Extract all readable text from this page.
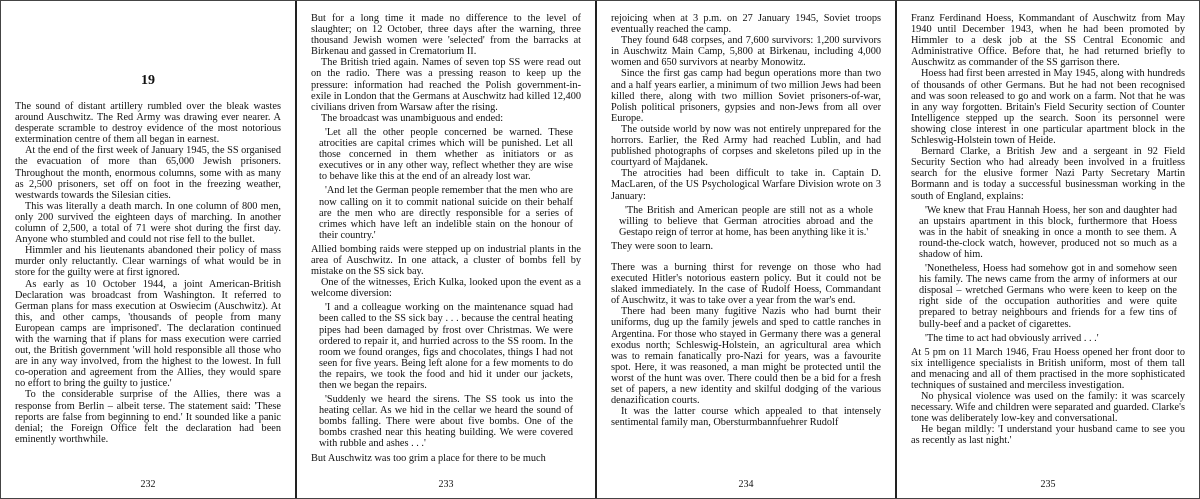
19

The sound of distant artillery rumbled over the bleak wastes around Auschwitz. The Red Army was drawing ever nearer. A desperate scramble to destroy evidence of the most notorious extermination centre of them all began in earnest.

At the end of the first week of January 1945, the SS organised the evacuation of more than 65,000 Jewish prisoners. Throughout the month, enormous columns, some with as many as 2,500 prisoners, set off on foot in the freezing weather, westwards towards the Silesian cities.

This was literally a death march. In one column of 800 men, only 200 survived the eighteen days of marching. In another column of 2,500, a total of 71 were shot during the first day. Anyone who stumbled and could not rise fell to the bullet.

Himmler and his lieutenants abandoned their policy of mass murder only reluctantly. Clear warnings of what would be in store for the guilty were at first ignored.

As early as 10 October 1944, a joint American-British Declaration was broadcast from Washington. It referred to German plans for mass execution at Oswiecim (Auschwitz). At this, and other camps, 'thousands of people from many European camps are imprisoned'. The declaration continued with the warning that if plans for mass execution were carried out, the British government 'will hold responsible all those who are in any way involved, from the highest to the lowest. In full co-operation and agreement from the Allies, they would spare no effort to bring the guilty to justice.'

To the considerable surprise of the Allies, there was a response from Berlin – albeit terse. The statement said: 'These reports are false from beginning to end.' It sounded like a panic denial; the Foreign Office felt the declaration had been eminently worthwhile.

232

But for a long time it made no difference to the level of slaughter; on 12 October, three days after the warning, three thousand Jewish women were 'selected' from the barracks at Birkenau and gassed in Crematorium II.

The British tried again. Names of seven top SS were read out on the radio. There was a pressing reason to keep up the pressure: information had reached the Polish government-in-exile in London that the Germans at Auschwitz had killed 12,400 civilians driven from Warsaw after the rising.

The broadcast was unambiguous and ended:

'Let all the other people concerned be warned. These atrocities are capital crimes which will be punished. Let all those concerned in them whether as initiators or as executives or in any other way, reflect whether they are wise to behave like this at the end of an already lost war.

'And let the German people remember that the men who are now calling on it to commit national suicide on their behalf are the men who are directly responsible for a series of crimes which have left an indelible stain on the honour of their country.'

Allied bombing raids were stepped up on industrial plants in the area of Auschwitz. In one attack, a cluster of bombs fell by mistake on the SS sick bay.

One of the witnesses, Erich Kulka, looked upon the event as a welcome diversion:

'I and a colleague working on the maintenance squad had been called to the SS sick bay . . . because the central heating pipes had been damaged by frost over Christmas. We were ordered to repair it, and hurried across to the SS room. In the room we found oranges, figs and chocolates, things I had not seen for five years. Being left alone for a few moments to do the repairs, we took the food and hid it under our jackets, then we began the repairs.

'Suddenly we heard the sirens. The SS took us into the heating cellar. As we hid in the cellar we heard the sound of bombs falling. There were about five bombs. One of the bombs crashed near this heating building. We were covered with rubble and ashes . . .'

But Auschwitz was too grim a place for there to be much

233

rejoicing when at 3 p.m. on 27 January 1945, Soviet troops eventually reached the camp.

They found 648 corpses, and 7,600 survivors: 1,200 survivors in Auschwitz Main Camp, 5,800 at Birkenau, including 4,000 women and 650 survivors at nearby Monowitz.

Since the first gas camp had begun operations more than two and a half years earlier, a minimum of two million Jews had been killed there, along with two million Soviet prisoners-of-war, Polish political prisoners, gypsies and non-Jews from all over Europe.

The outside world by now was not entirely unprepared for the horrors. Earlier, the Red Army had reached Lublin, and had published photographs of corpses and skeletons piled up in the courtyard of Majdanek.

The atrocities had been difficult to take in. Captain D. MacLaren, of the US Psychological Warfare Division wrote on 3 January:

'The British and American people are still not as a whole willing to believe that German atrocities abroad and the Gestapo reign of terror at home, has been anything like it is.'

They were soon to learn.

There was a burning thirst for revenge on those who had executed Hitler's notorious eastern policy. But it could not be slaked immediately. In the case of Rudolf Hoess, Commandant of Auschwitz, it was to take over a year from the war's end.

There had been many fugitive Nazis who had burnt their uniforms, dug up the family jewels and sped to cattle ranches in Argentina. For those who stayed in Germany there was a general exodus north; Schleswig-Holstein, an agricultural area which was to remain fanatically pro-Nazi for years, was a favourite spot. Here, it was reasoned, a man might be protected until the worst of the hunt was over. There could then be a bid for a fresh set of papers, a new identity and skilful dodging of the various denazification courts.

It was the latter course which appealed to that intensely sentimental family man, Obersturmbannfuehrer Rudolf

234

Franz Ferdinand Hoess, Kommandant of Auschwitz from May 1940 until December 1943, when he had been promoted by Himmler to a desk job at the SS Central Economic and Administrative Office. Before that, he had returned briefly to Auschwitz as commander of the SS garrison there.

Hoess had first been arrested in May 1945, along with hundreds of thousands of other Germans. But he had not been recognised and was soon released to go and work on a farm. Not that he was in any way forgotten. Britain's Field Security section of Counter Intelligence stepped up the search. Soon its personnel were showing close interest in one particular apartment block in the Schleswig-Holstein town of Heide.

Bernard Clarke, a British Jew and a sergeant in 92 Field Security Section who had already been involved in a fruitless search for the elusive former Nazi Party Secretary Martin Bormann and is today a successful businessman working in the south of England, explains:

'We knew that Frau Hannah Hoess, her son and daughter had an upstairs apartment in this block, furthermore that Hoess was in the habit of sneaking in once a month to see them. A round-the-clock watch, however, produced not so much as a shadow of him.

'Nonetheless, Hoess had somehow got in and somehow seen his family. The news came from the army of informers at our disposal – wretched Germans who were keen to keep on the right side of the occupation authorities and were quite prepared to betray neighbours and friends for a few tins of bully-beef and a packet of cigarettes.

'The time to act had obviously arrived . . .'

At 5 pm on 11 March 1946, Frau Hoess opened her front door to six intelligence specialists in British uniform, most of them tall and menacing and all of them practised in the more sophisticated techniques of sustained and merciless investigation.

No physical violence was used on the family: it was scarcely necessary. Wife and children were separated and guarded. Clarke's tone was deliberately low-key and conversational.

He began mildly: 'I understand your husband came to see you as recently as last night.'

235
